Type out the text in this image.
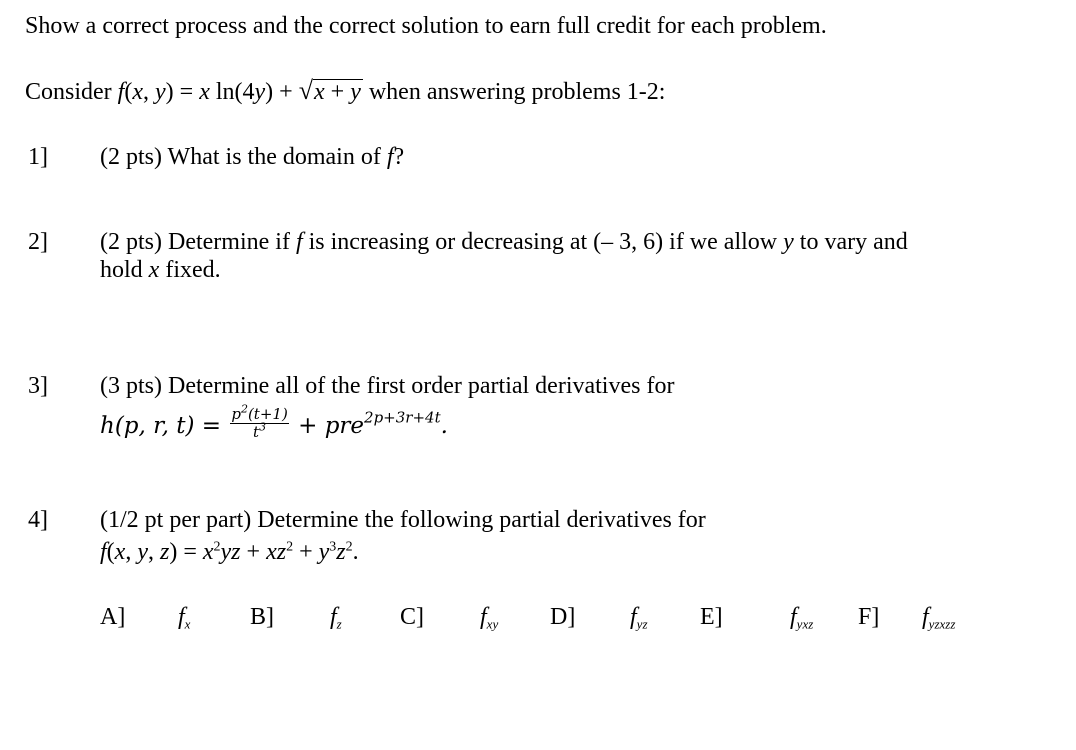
Show a correct process and the correct solution to earn full credit for each problem.
Consider f(x, y) = x ln(4y) + √x + y when answering problems 1-2:
1] (2 pts) What is the domain of f?
2] (2 pts) Determine if f is increasing or decreasing at (– 3, 6) if we allow y to vary and
hold x fixed.
3] (3 pts) Determine all of the first order partial derivatives for
h(p, r, $t) = \frac{p^2(t+1)}{t^3} + pre^{2p+3r+4t}$.
4] (1/2 pt per part) Determine the following partial derivatives for
f(x, y, $z) = x^2yz + xz^2 + y^3z^2$.
A] $f_x$ B] $f_z$ C] $f_{xy}$ D] $f_{yz}$ E]	$f_{yxz}$ F] $f_{yzxzz}$
